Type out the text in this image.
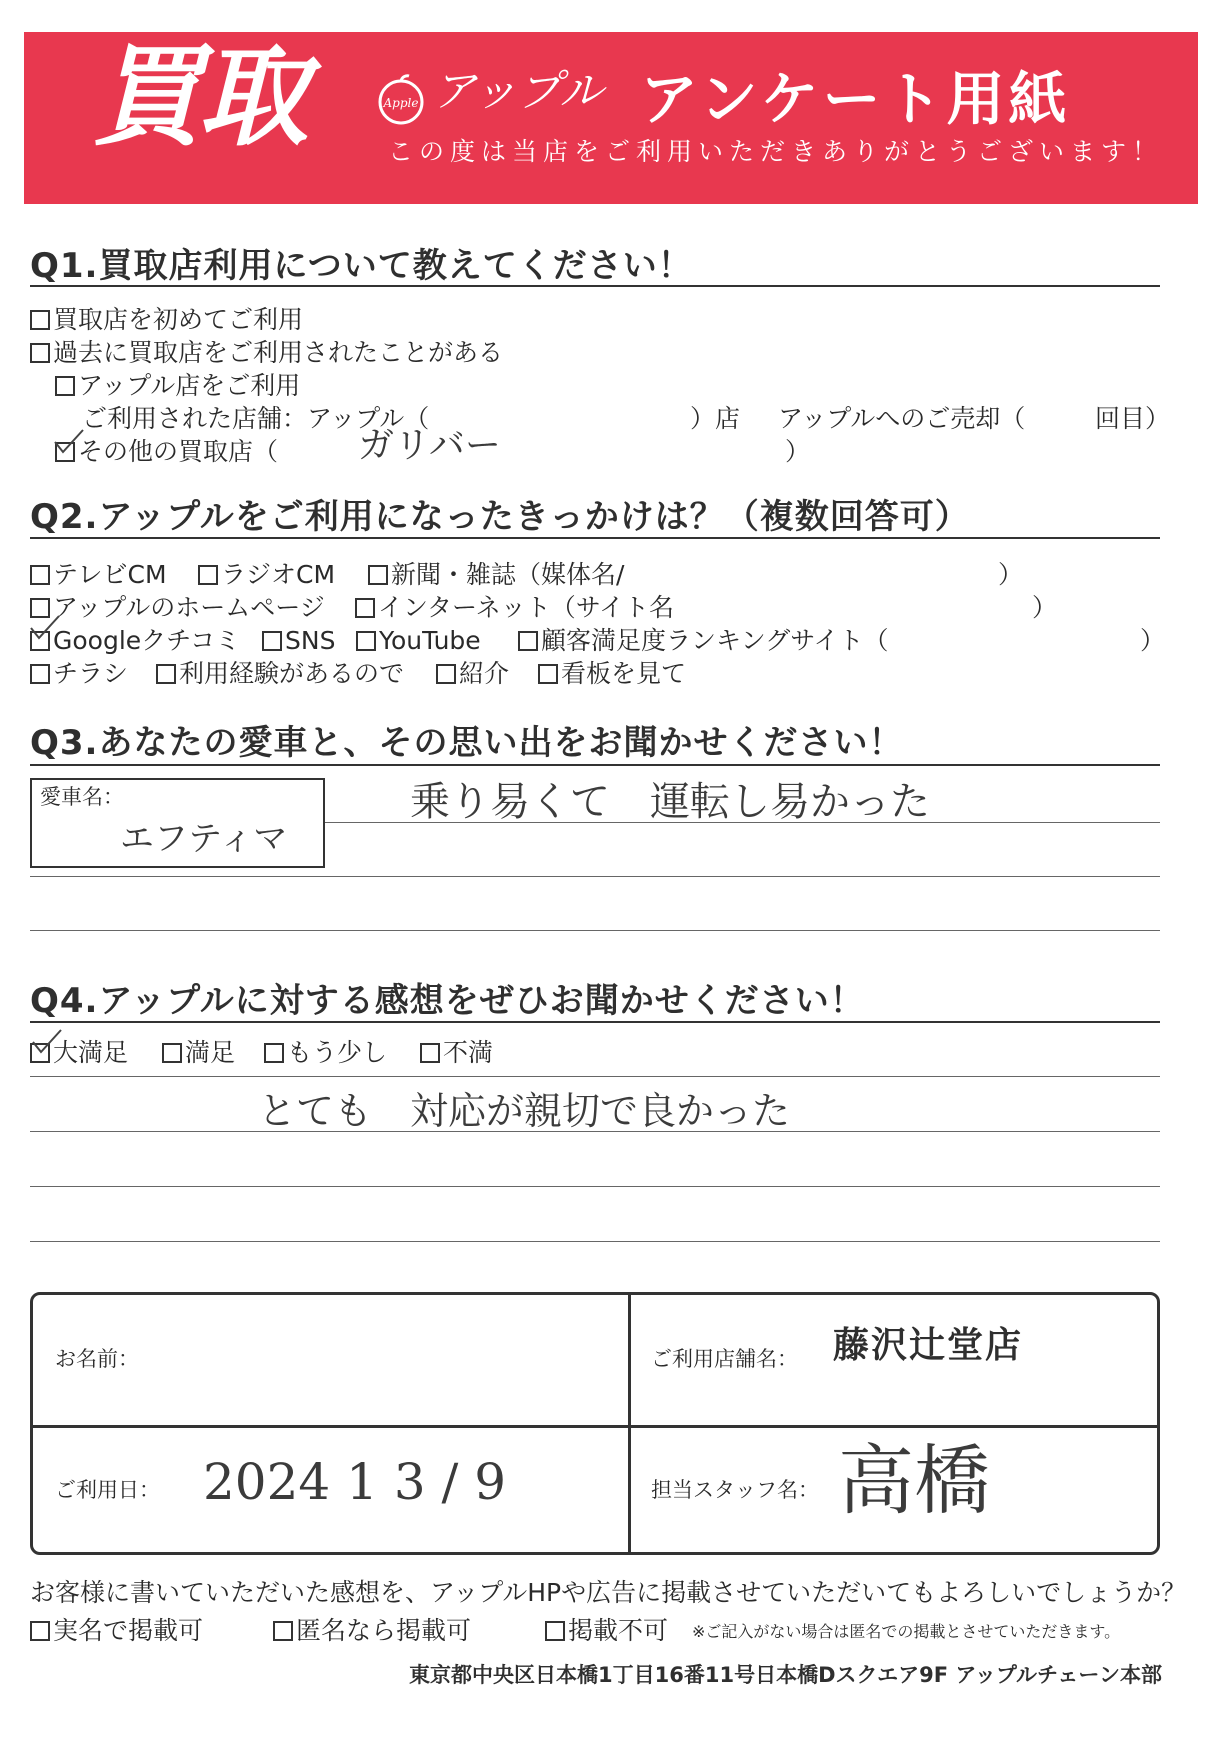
買取	Apple アップル アンケート用紙
この度は当店をご利用いただきありがとうございます！
Q1.買取店利用について教えてください！
買取店を初めてご利用
過去に買取店をご利用されたことがある
アップル店をご利用
ご利用された店舗：アップル（	）店 アップルへのご売却（	回目）
その他の買取店（ ガリバー	）
Q2.アップルをご利用になったきっかけは？（複数回答可）
テレビCM	ラジオCM	新聞・雑誌（媒体名/	）
アップルのホームページ	インターネット（サイト名	）
Googleクチコミ	SNS	YouTube	顧客満足度ランキングサイト（	）
チラシ	利用経験があるので	紹介	看板を見て
Q3.あなたの愛車と、その思い出をお聞かせください！
愛車名：
エフティマ
乗り易くて　運転し易かった
Q4.アップルに対する感想をぜひお聞かせください！
大満足	満足	もう少し	不満
とても　対応が親切で良かった
お名前：	ご利用店舗名： 藤沢辻堂店
ご利用日： 2024 1 3 / 9	担当スタッフ名： 高橋
お客様に書いていただいた感想を、アップルHPや広告に掲載させていただいてもよろしいでしょうか？
実名で掲載可	匿名なら掲載可	掲載不可 ※ご記入がない場合は匿名での掲載とさせていただきます。
東京都中央区日本橋1丁目16番11号日本橋Dスクエア9F アップルチェーン本部
